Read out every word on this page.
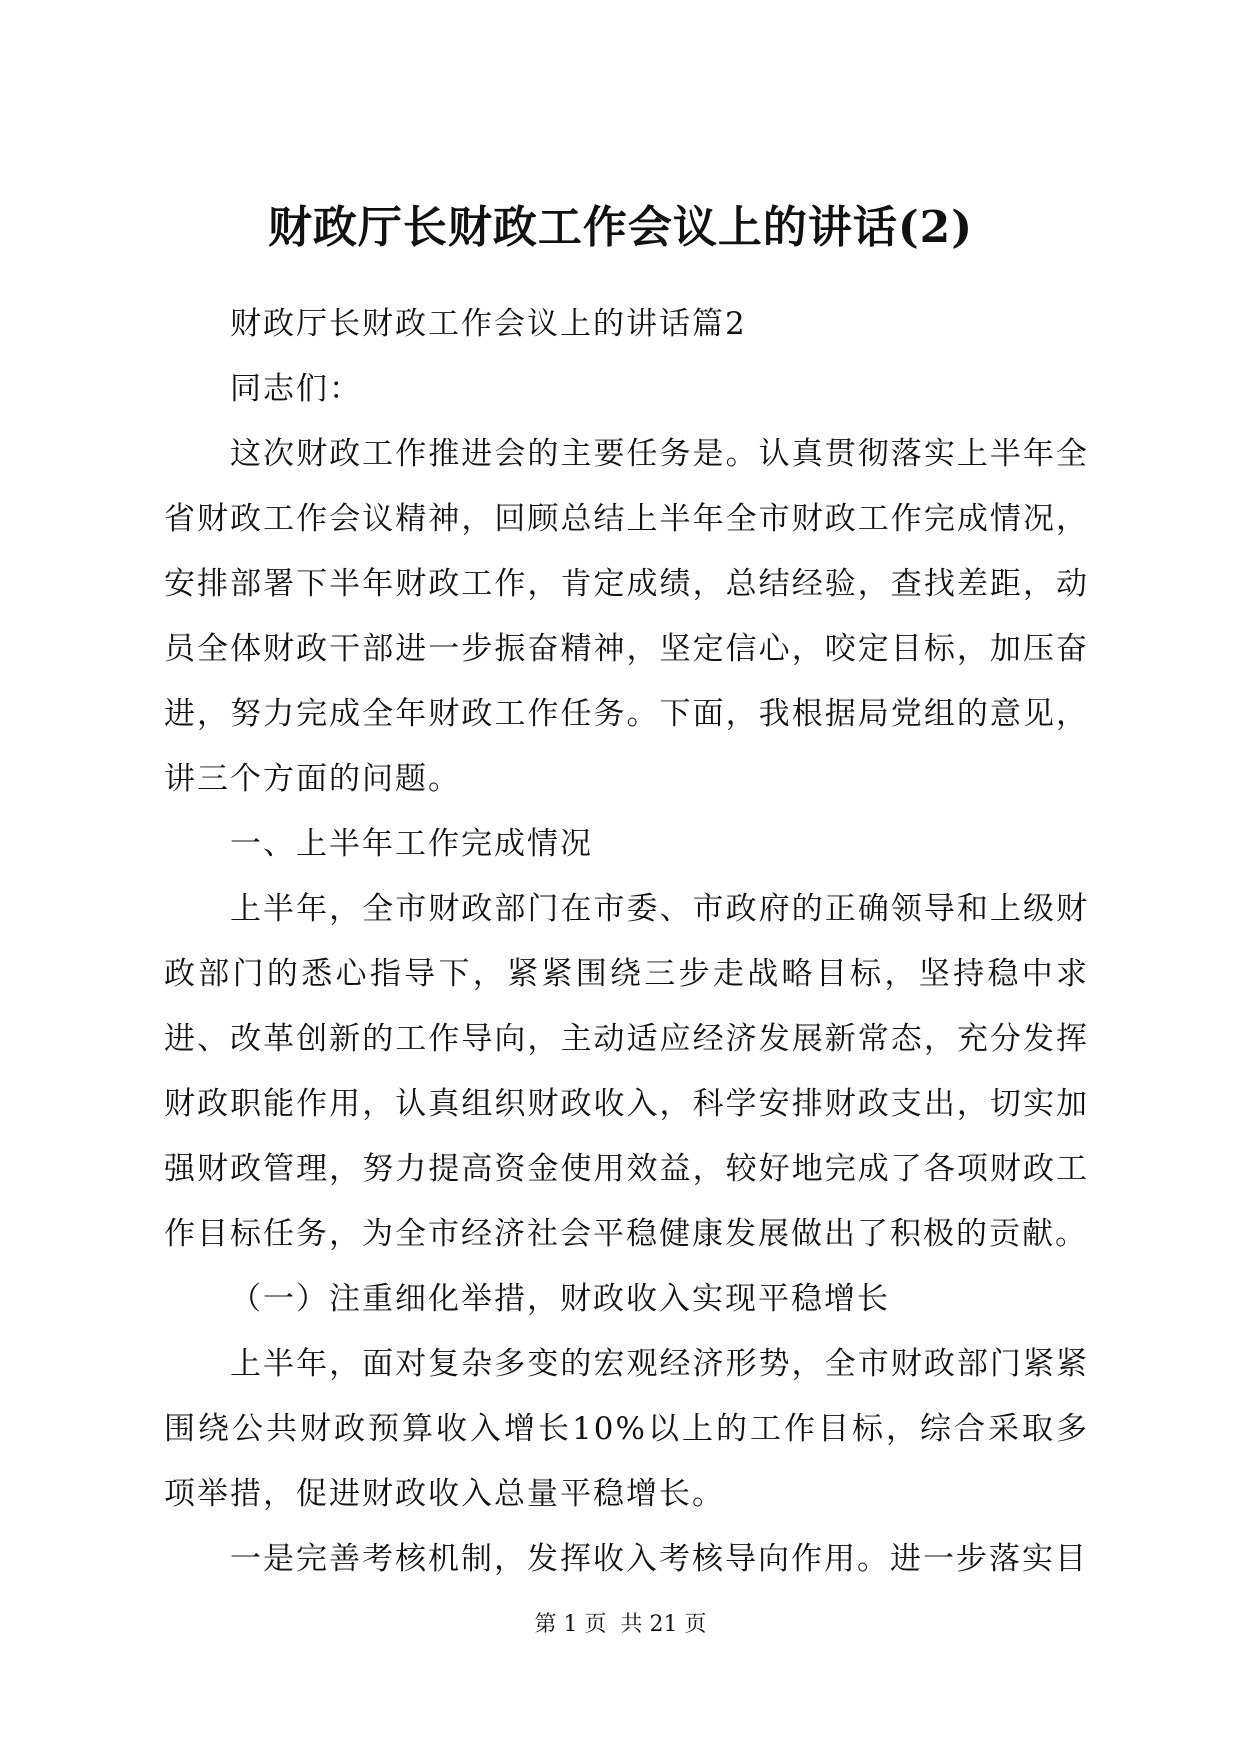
财政厅长财政工作会议上的讲话(2)

财政厅长财政工作会议上的讲话篇2

同志们：

这次财政工作推进会的主要任务是。认真贯彻落实上半年全省财政工作会议精神，回顾总结上半年全市财政工作完成情况，安排部署下半年财政工作，肯定成绩，总结经验，查找差距，动员全体财政干部进一步振奋精神，坚定信心，咬定目标，加压奋进，努力完成全年财政工作任务。下面，我根据局党组的意见，讲三个方面的问题。

一、上半年工作完成情况

上半年，全市财政部门在市委、市政府的正确领导和上级财政部门的悉心指导下，紧紧围绕三步走战略目标，坚持稳中求进、改革创新的工作导向，主动适应经济发展新常态，充分发挥财政职能作用，认真组织财政收入，科学安排财政支出，切实加强财政管理，努力提高资金使用效益，较好地完成了各项财政工作目标任务，为全市经济社会平稳健康发展做出了积极的贡献。

（一）注重细化举措，财政收入实现平稳增长

上半年，面对复杂多变的宏观经济形势，全市财政部门紧紧围绕公共财政预算收入增长10%以上的工作目标，综合采取多项举措，促进财政收入总量平稳增长。

一是完善考核机制，发挥收入考核导向作用。进一步落实目

第 1 页  共 21 页
